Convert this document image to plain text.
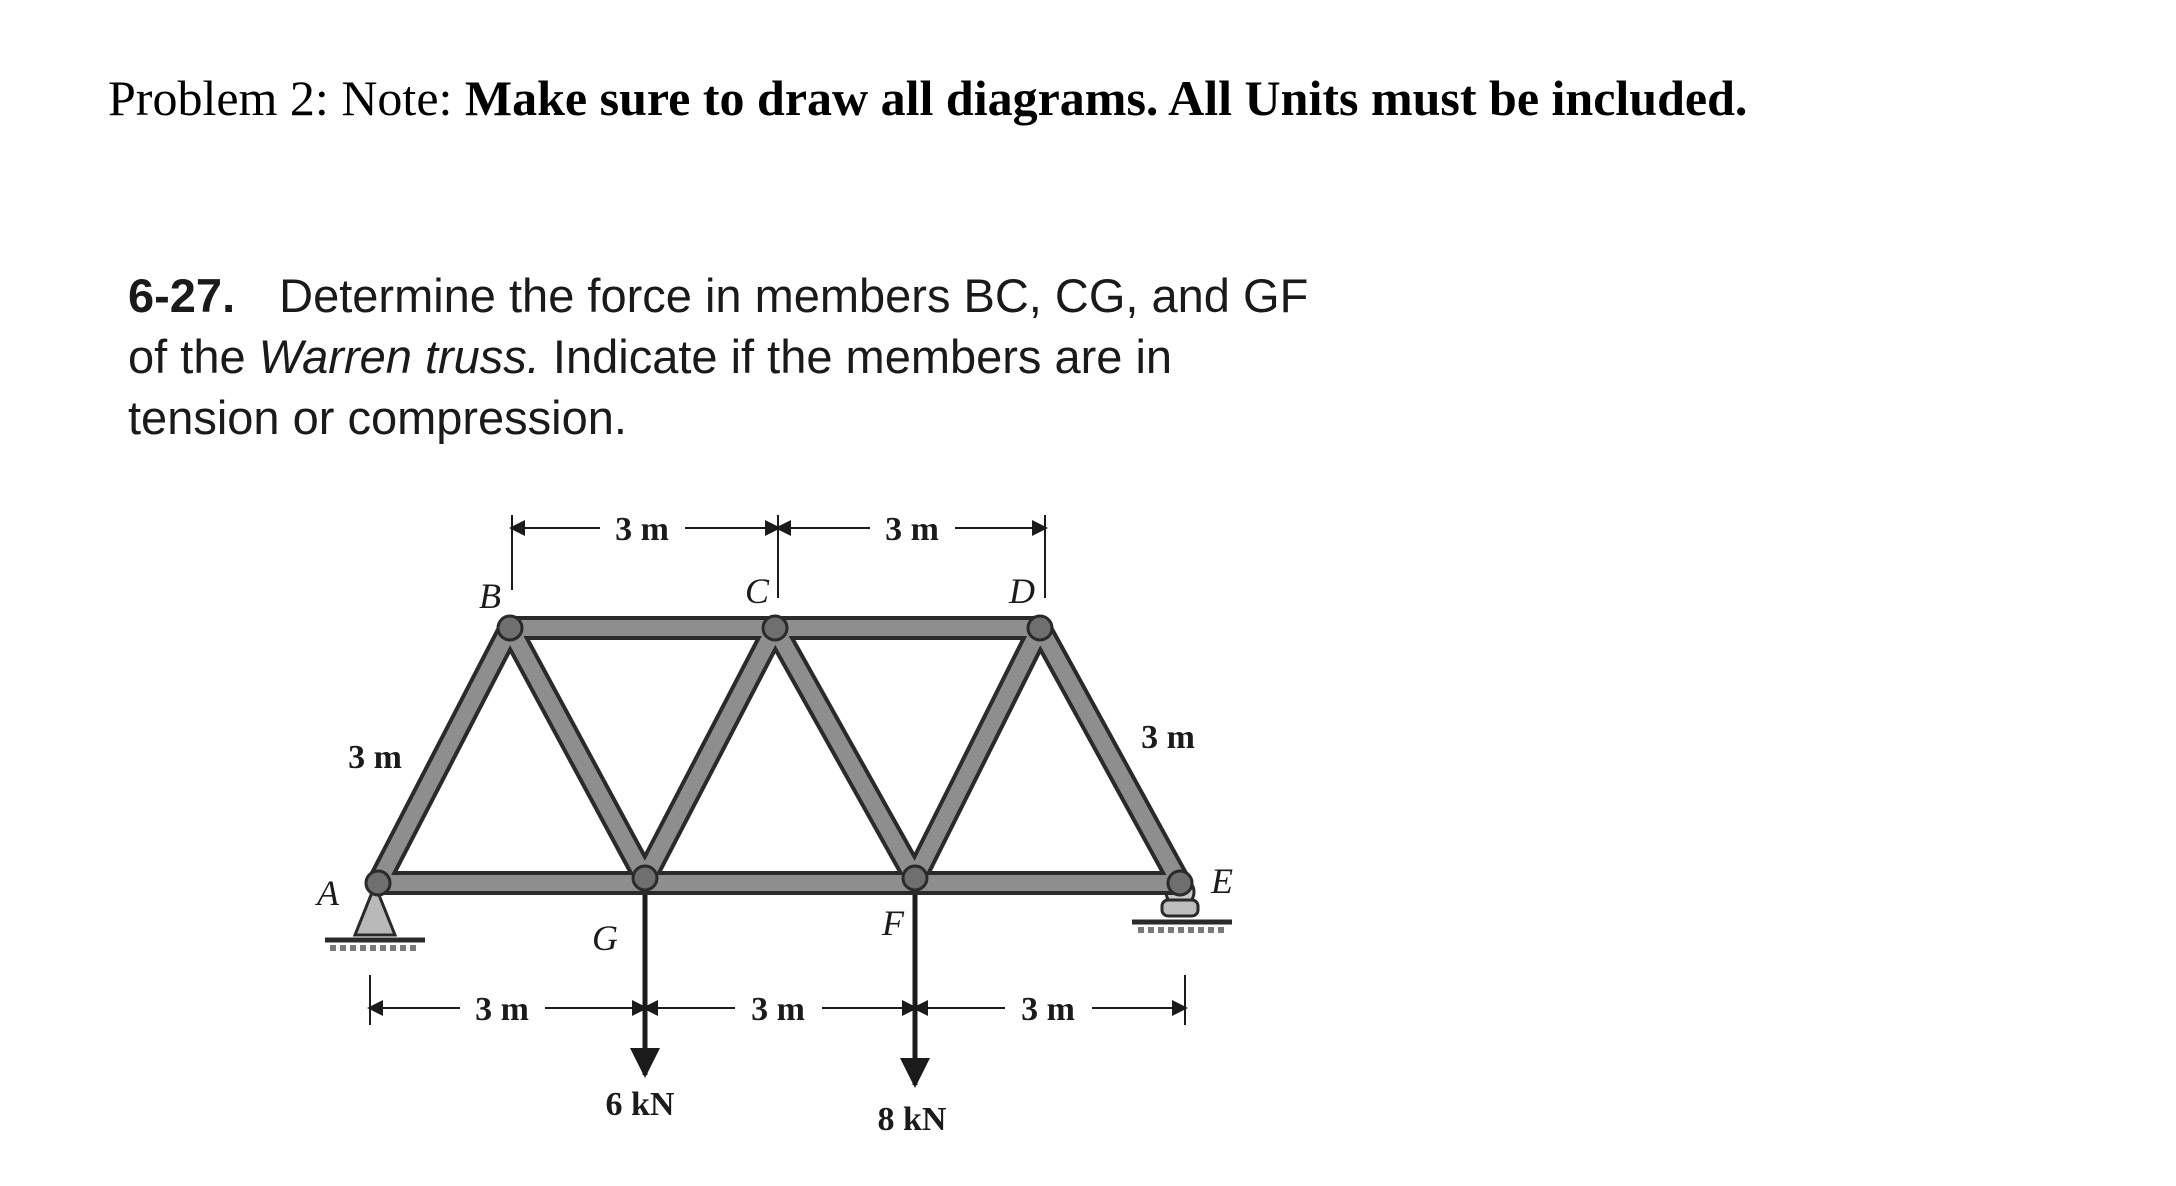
Problem 2: Note: Make sure to draw all diagrams. All Units must be included.
6-27. Determine the force in members BC, CG, and GF of the Warren truss. Indicate if the members are in tension or compression.
3 m	3 m
3 m	3 m	3 m
3 m
3 m
A
B	C	D
E
G	F
6 kN	8 kN
